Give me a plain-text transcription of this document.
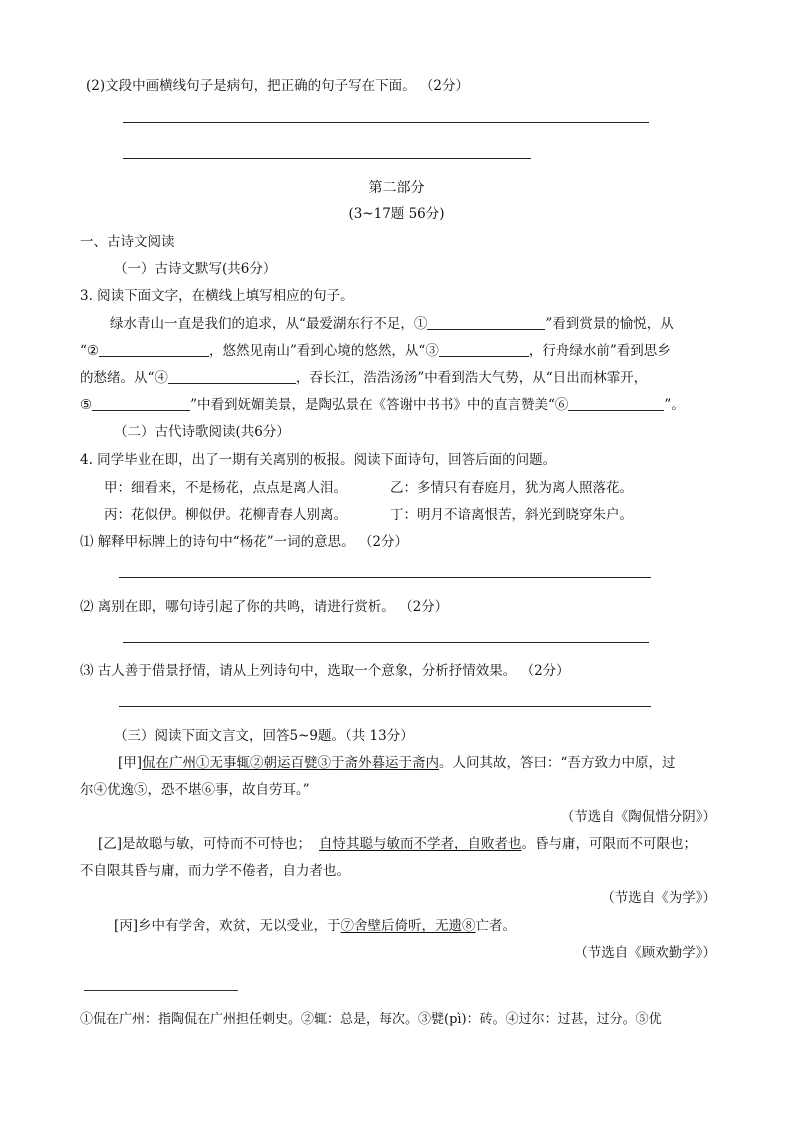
(2)文段中画横线句子是病句，把正确的句子写在下面。 （2分）
第二部分
(3~17题 56分)
一、古诗文阅读
（一）古诗文默写(共6分）
3. 阅读下面文字，在横线上填写相应的句子。
绿水青山一直是我们的追求，从“最爱湖东行不足，①	”看到赏景的愉悦，从
“②	，悠然见南山”看到心境的悠然，从“③	，行舟绿水前”看到思乡
的愁绪。从“④	，吞长江，浩浩汤汤”中看到浩大气势，从“日出而林霏开，
⑤	”中看到妩媚美景，是陶弘景在《答谢中书书》中的直言赞美“⑥	”。
（二）古代诗歌阅读(共6分）
4. 同学毕业在即，出了一期有关离别的板报。阅读下面诗句，回答后面的问题。
甲：细看来，不是杨花，点点是离人泪。	乙：多情只有春庭月，犹为离人照落花。
丙：花似伊。柳似伊。花柳青春人别离。	丁：明月不谙离恨苦，斜光到晓穿朱户。
⑴ 解释甲标牌上的诗句中“杨花”一词的意思。 （2分）
⑵ 离别在即，哪句诗引起了你的共鸣，请进行赏析。 （2分）
⑶ 古人善于借景抒情，请从上列诗句中，选取一个意象，分析抒情效果。 （2分）
（三）阅读下面文言文，回答5~9题。（共 13分）
[甲]侃在广州①无事辄②朝运百甓③于斋外暮运于斋内。人问其故，答曰：“吾方致力中原，过
尔④优逸⑤，恐不堪⑥事，故自劳耳。”
（节选自《陶侃惜分阴》）
[乙]是故聪与敏，可恃而不可恃也； 自恃其聪与敏而不学者，自败者也。昏与庸，可限而不可限也；
不自限其昏与庸，而力学不倦者，自力者也。
（节选自《为学》）
[丙]乡中有学舍，欢贫，无以受业，于⑦舍壁后倚听，无遗⑧亡者。
（节选自《顾欢勤学》）
①侃在广州：指陶侃在广州担任刺史。②辄：总是，每次。③甓(pì)：砖。④过尔：过甚，过分。⑤优
